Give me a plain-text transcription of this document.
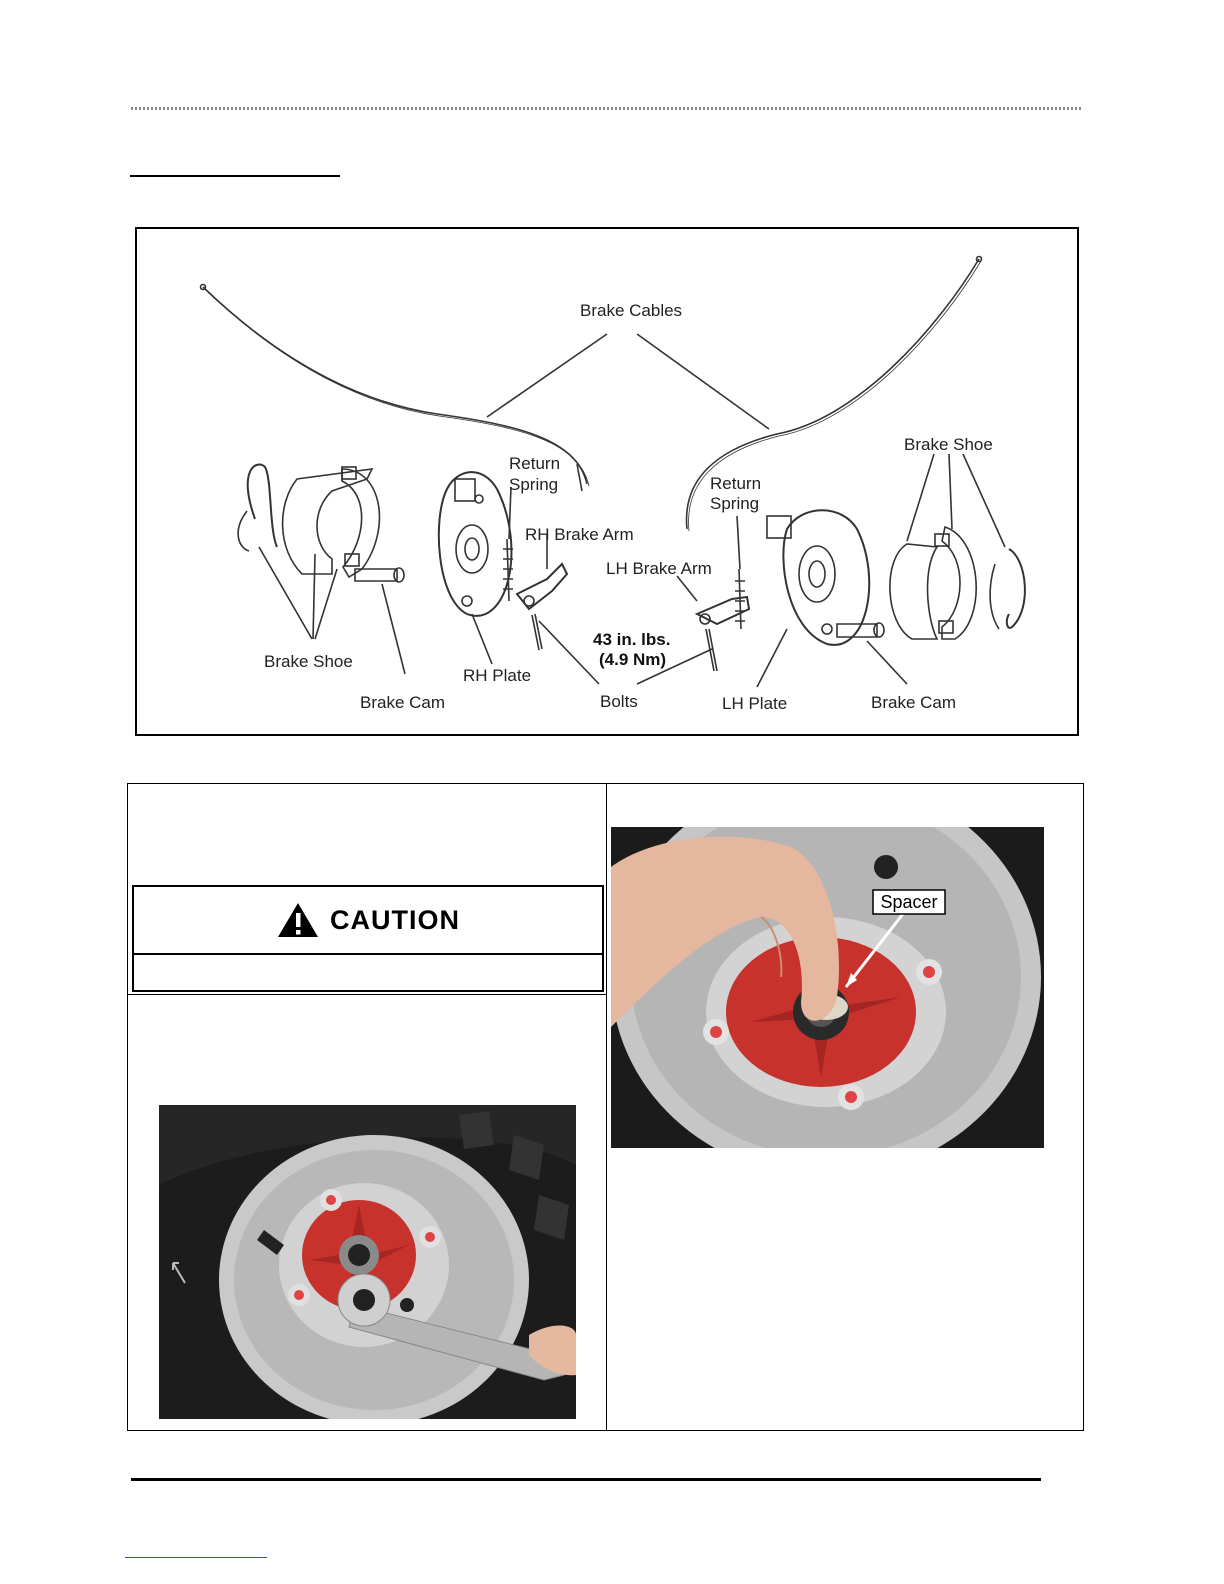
Brake Cables
Return
Spring
RH Brake Arm
LH Brake Arm
Return
Spring
Brake Shoe
Brake Shoe
43 in. lbs.
(4.9 Nm)
RH Plate
Brake Cam	Bolts	LH Plate	Brake Cam
CAUTION
Spacer
